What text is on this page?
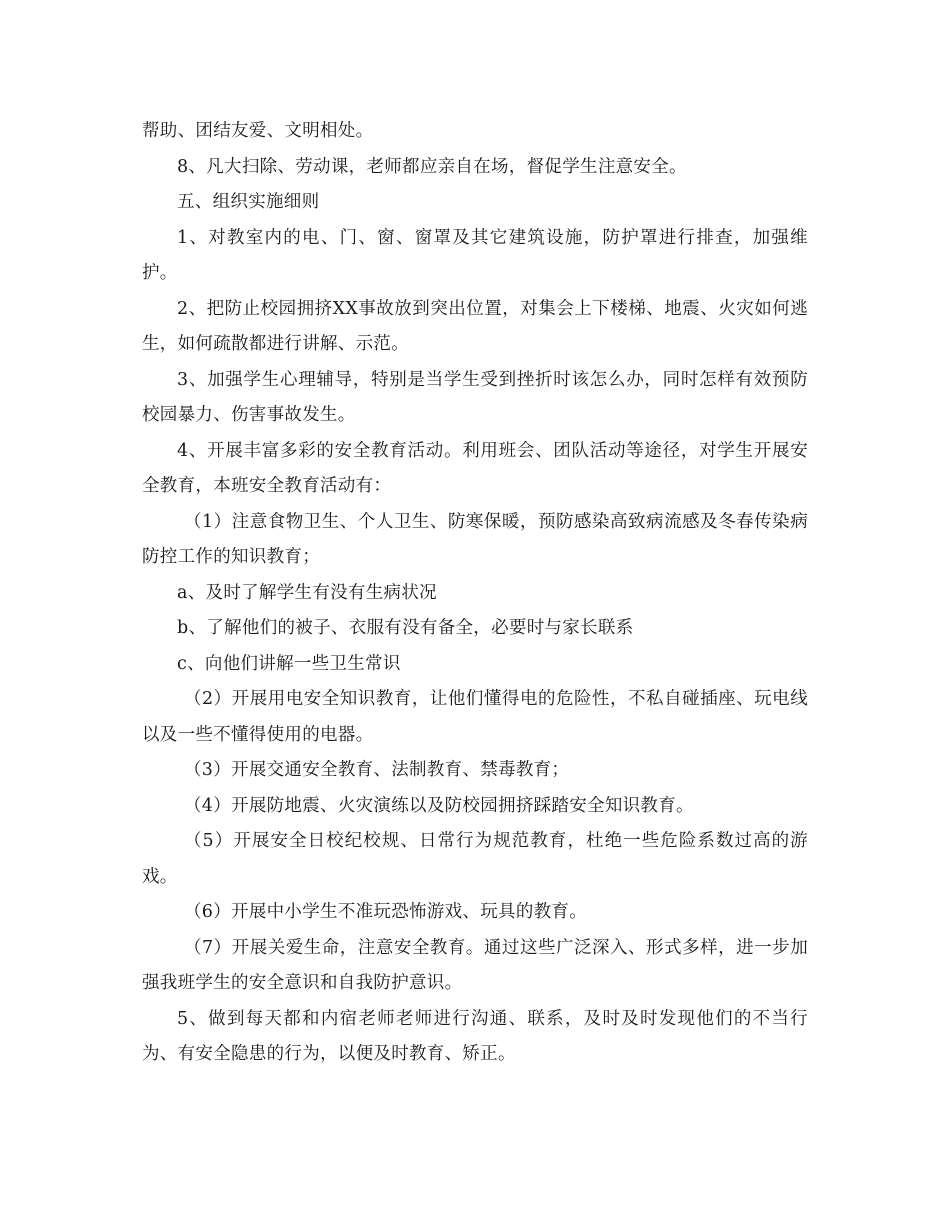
帮助、团结友爱、文明相处。

8、凡大扫除、劳动课，老师都应亲自在场，督促学生注意安全。

五、组织实施细则

1、对教室内的电、门、窗、窗罩及其它建筑设施，防护罩进行排查，加强维护。

2、把防止校园拥挤XX事故放到突出位置，对集会上下楼梯、地震、火灾如何逃生，如何疏散都进行讲解、示范。

3、加强学生心理辅导，特别是当学生受到挫折时该怎么办，同时怎样有效预防校园暴力、伤害事故发生。

4、开展丰富多彩的安全教育活动。利用班会、团队活动等途径，对学生开展安全教育，本班安全教育活动有：

（1）注意食物卫生、个人卫生、防寒保暖，预防感染高致病流感及冬春传染病防控工作的知识教育；

a、及时了解学生有没有生病状况

b、了解他们的被子、衣服有没有备全，必要时与家长联系

c、向他们讲解一些卫生常识

（2）开展用电安全知识教育，让他们懂得电的危险性，不私自碰插座、玩电线以及一些不懂得使用的电器。

（3）开展交通安全教育、法制教育、禁毒教育；

（4）开展防地震、火灾演练以及防校园拥挤踩踏安全知识教育。

（5）开展安全日校纪校规、日常行为规范教育，杜绝一些危险系数过高的游戏。

（6）开展中小学生不准玩恐怖游戏、玩具的教育。

（7）开展关爱生命，注意安全教育。通过这些广泛深入、形式多样，进一步加强我班学生的安全意识和自我防护意识。

5、做到每天都和内宿老师老师进行沟通、联系，及时及时发现他们的不当行为、有安全隐患的行为，以便及时教育、矫正。
